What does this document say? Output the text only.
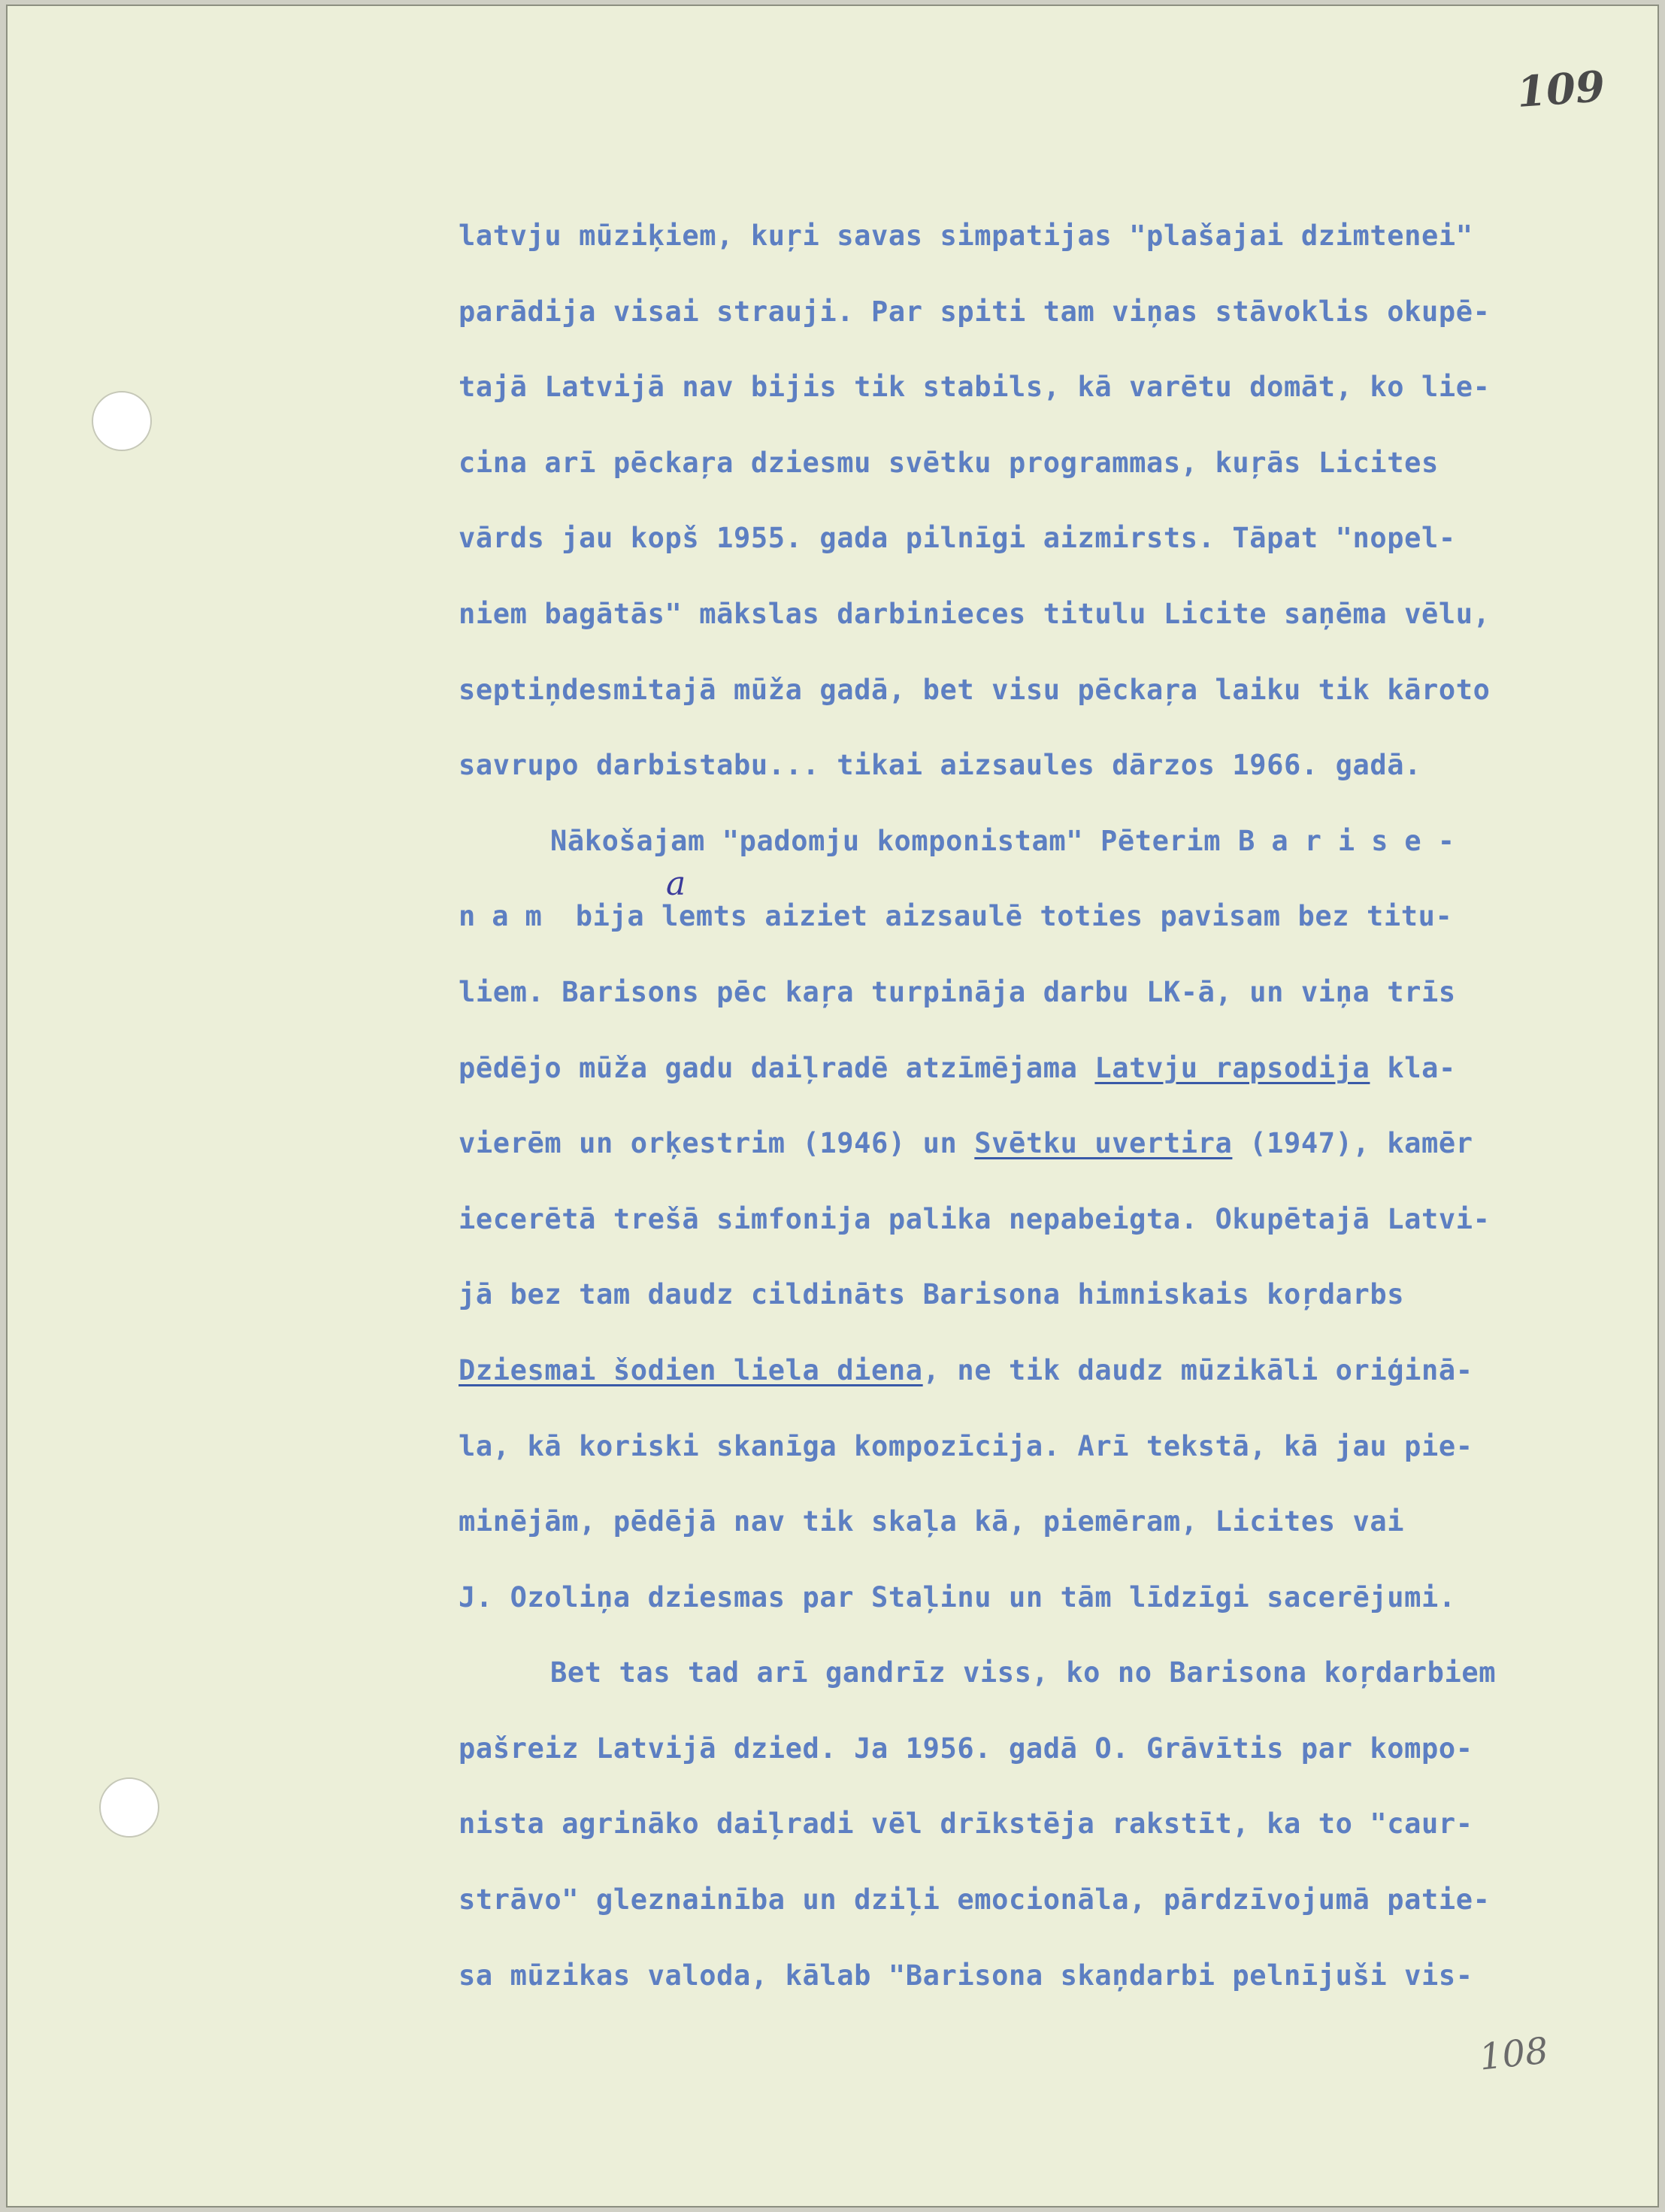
109
108
a
latvju mūziķiem, kuŗi savas simpatijas "plašajai dzimtenei"
parādija visai strauji. Par spiti tam viņas stāvoklis okupē-
tajā Latvijā nav bijis tik stabils, kā varētu domāt, ko lie-
cina arī pēckaŗa dziesmu svētku programmas, kuŗās Licites
vārds jau kopš 1955. gada pilnīgi aizmirsts. Tāpat "nopel-
niem bagātās" mākslas darbinieces titulu Licite saņēma vēlu,
septiņdesmitajā mūža gadā, bet visu pēckaŗa laiku tik kāroto
savrupo darbistabu... tikai aizsaules dārzos 1966. gadā.
Nākošajam "padomju komponistam" Pēterim Barise-
nam bija lemts aiziet aizsaulē toties pavisam bez titu-
liem. Barisons pēc kaŗa turpināja darbu LK-ā, un viņa trīs
pēdējo mūža gadu daiļradē atzīmējama Latvju rapsodija kla-
vierēm un orķestrim (1946) un Svētku uvertira (1947), kamēr
iecerētā trešā simfonija palika nepabeigta. Okupētajā Latvi-
jā bez tam daudz cildināts Barisona himniskais koŗdarbs
Dziesmai šodien liela diena, ne tik daudz mūzikāli oriģinā-
la, kā koriski skanīga kompozīcija. Arī tekstā, kā jau pie-
minējām, pēdējā nav tik skaļa kā, piemēram, Licites vai
J. Ozoliņa dziesmas par Staļinu un tām līdzīgi sacerējumi.
Bet tas tad arī gandrīz viss, ko no Barisona koŗdarbiem
pašreiz Latvijā dzied. Ja 1956. gadā O. Grāvītis par kompo-
nista agrināko daiļradi vēl drīkstēja rakstīt, ka to "caur-
strāvo" gleznainība un dziļi emocionāla, pārdzīvojumā patie-
sa mūzikas valoda, kālab "Barisona skaņdarbi pelnījuši vis-
